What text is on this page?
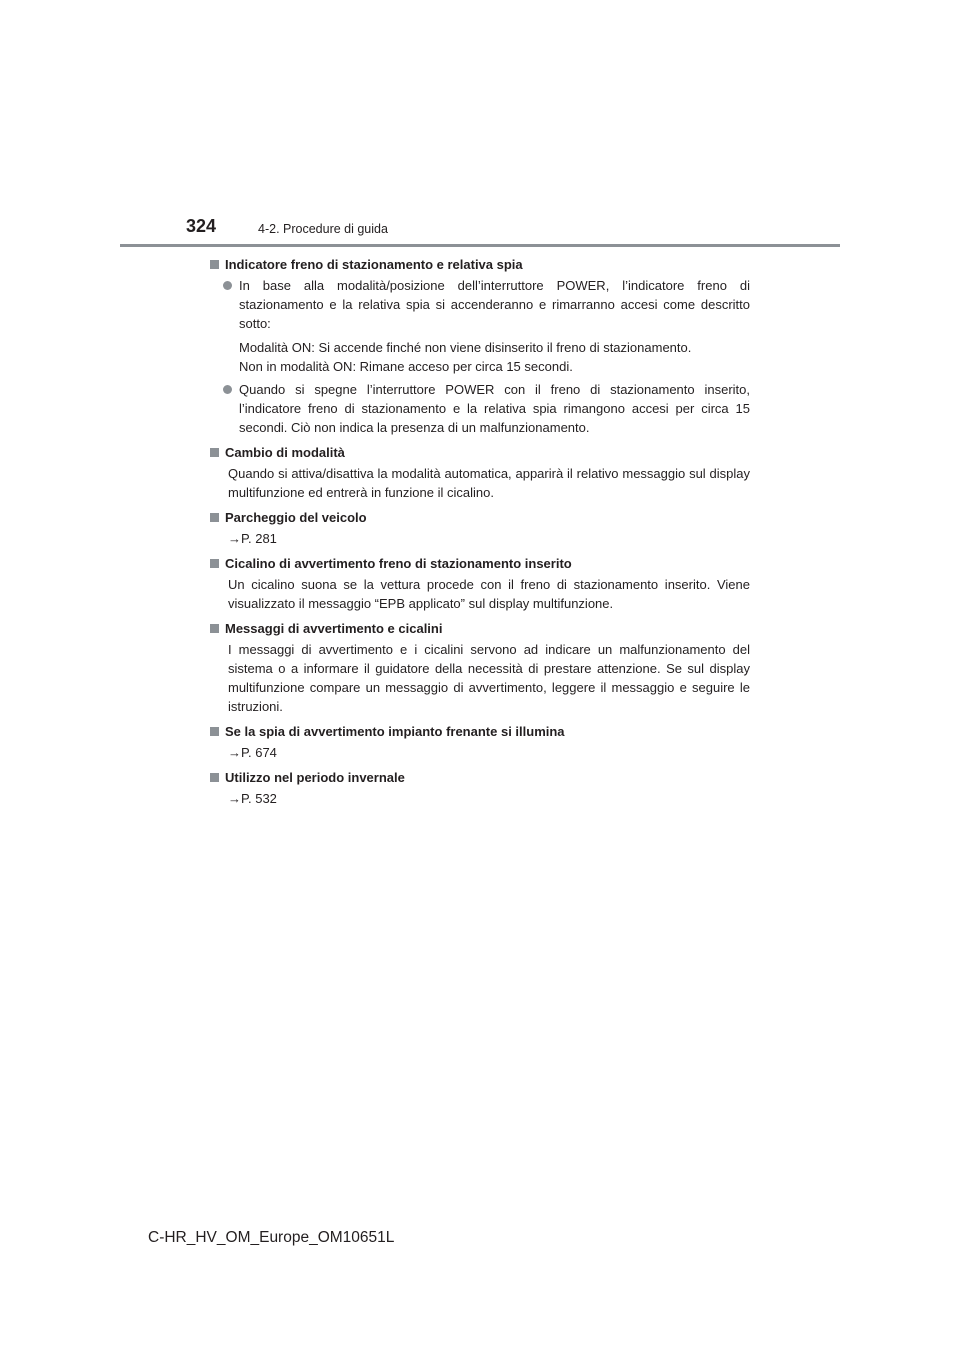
324	4-2. Procedure di guida
Indicatore freno di stazionamento e relativa spia
In base alla modalità/posizione dell’interruttore POWER, l’indicatore freno di stazionamento e la relativa spia si accenderanno e rimarranno accesi come descritto sotto:
Modalità ON: Si accende finché non viene disinserito il freno di stazionamento.
Non in modalità ON: Rimane acceso per circa 15 secondi.
Quando si spegne l’interruttore POWER con il freno di stazionamento inserito, l’indicatore freno di stazionamento e la relativa spia rimangono accesi per circa 15 secondi. Ciò non indica la presenza di un malfunzionamento.
Cambio di modalità

Quando si attiva/disattiva la modalità automatica, apparirà il relativo messaggio sul display multifunzione ed entrerà in funzione il cicalino.

Parcheggio del veicolo

→P. 281

Cicalino di avvertimento freno di stazionamento inserito

Un cicalino suona se la vettura procede con il freno di stazionamento inserito. Viene visualizzato il messaggio “EPB applicato” sul display multifunzione.

Messaggi di avvertimento e cicalini

I messaggi di avvertimento e i cicalini servono ad indicare un malfunzionamento del sistema o a informare il guidatore della necessità di prestare attenzione. Se sul display multifunzione compare un messaggio di avvertimento, leggere il messaggio e seguire le istruzioni.

Se la spia di avvertimento impianto frenante si illumina

→P. 674

Utilizzo nel periodo invernale

→P. 532

C-HR_HV_OM_Europe_OM10651L
